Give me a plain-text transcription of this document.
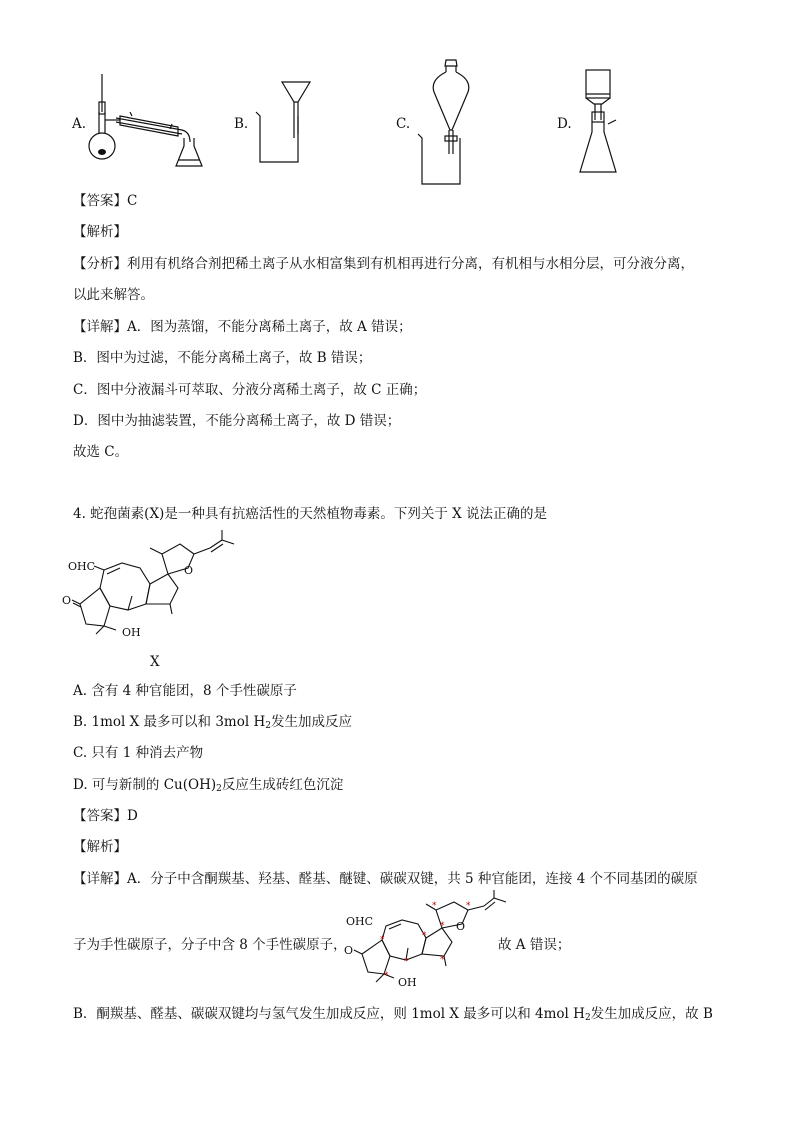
A.	B.	C.	D.
【答案】C
【解析】
【分析】利用有机络合剂把稀土离子从水相富集到有机相再进行分离，有机相与水相分层，可分液分离，
以此来解答。
【详解】A．图为蒸馏，不能分离稀土离子，故 A 错误；
B．图中为过滤，不能分离稀土离子，故 B 错误；
C．图中分液漏斗可萃取、分液分离稀土离子，故 C 正确；
D．图中为抽滤装置，不能分离稀土离子，故 D 错误；
故选 C。
4. 蛇孢菌素(X)是一种具有抗癌活性的天然植物毒素。下列关于 X 说法正确的是
OHC
O
O
OH
X
A. 含有 4 种官能团，8 个手性碳原子
B. 1mol X 最多可以和 3mol $H_2$发生加成反应
C. 只有 1 种消去产物
D. 可与新制的 $Cu(OH)_2$反应生成砖红色沉淀
【答案】D
【解析】
【详解】A．分子中含酮羰基、羟基、醛基、醚键、碳碳双键，共 5 种官能团，连接 4 个不同基团的碳原
子为手性碳原子，分子中含 8 个手性碳原子，
OHC
O
O
OH
*	*
*
*
*
*
*	*
故 A 错误；
B．酮羰基、醛基、碳碳双键均与氢气发生加成反应，则 1mol X 最多可以和 4mol $H_2$发生加成反应，故 B
